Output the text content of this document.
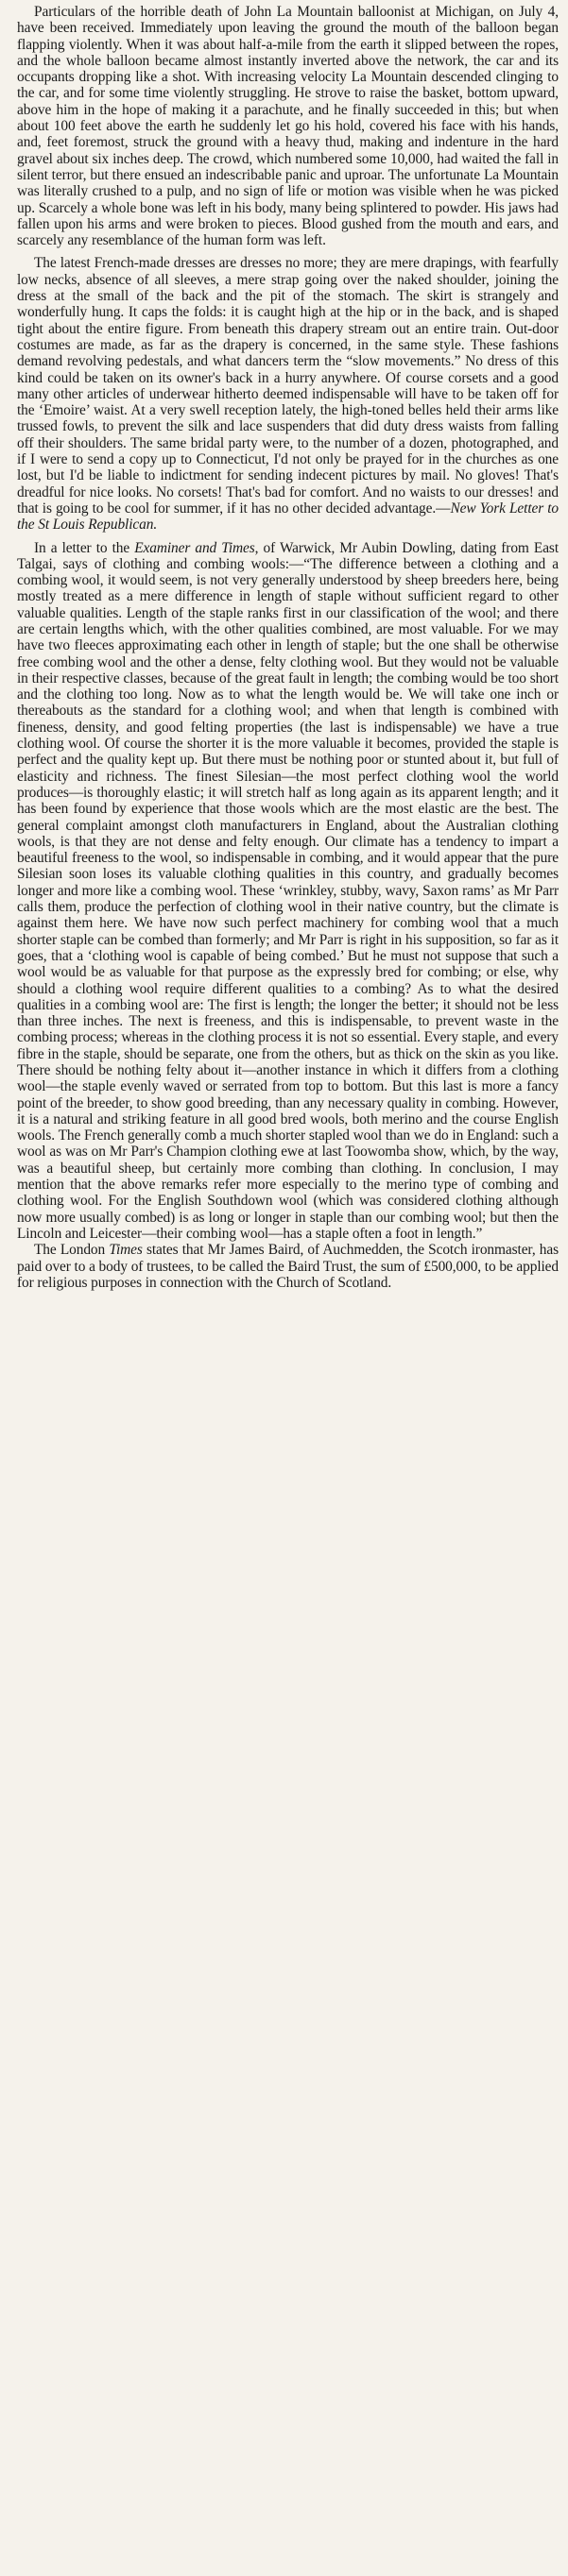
Particulars of the horrible death of John La Mountain balloonist at Michigan, on July 4, have been received. Immediately upon leaving the ground the mouth of the balloon began flapping violently. When it was about half-a-mile from the earth it slipped between the ropes, and the whole balloon became almost instantly inverted above the network, the car and its occupants dropping like a shot. With increasing velocity La Mountain descended clinging to the car, and for some time violently struggling. He strove to raise the basket, bottom upward, above him in the hope of making it a parachute, and he finally succeeded in this; but when about 100 feet above the earth he suddenly let go his hold, covered his face with his hands, and, feet foremost, struck the ground with a heavy thud, making and indenture in the hard gravel about six inches deep. The crowd, which numbered some 10,000, had waited the fall in silent terror, but there ensued an indescribable panic and uproar. The unfortunate La Mountain was literally crushed to a pulp, and no sign of life or motion was visible when he was picked up. Scarcely a whole bone was left in his body, many being splintered to powder. His jaws had fallen upon his arms and were broken to pieces. Blood gushed from the mouth and ears, and scarcely any resemblance of the human form was left.

The latest French-made dresses are dresses no more; they are mere drapings, with fearfully low necks, absence of all sleeves, a mere strap going over the naked shoulder, joining the dress at the small of the back and the pit of the stomach. The skirt is strangely and wonderfully hung. It caps the folds: it is caught high at the hip or in the back, and is shaped tight about the entire figure. From beneath this drapery stream out an entire train. Out-door costumes are made, as far as the drapery is concerned, in the same style. These fashions demand revolving pedestals, and what dancers term the “slow movements.” No dress of this kind could be taken on its owner's back in a hurry anywhere. Of course corsets and a good many other articles of underwear hitherto deemed indispensable will have to be taken off for the ‘Emoire’ waist. At a very swell reception lately, the high-toned belles held their arms like trussed fowls, to prevent the silk and lace suspenders that did duty dress waists from falling off their shoulders. The same bridal party were, to the number of a dozen, photographed, and if I were to send a copy up to Connecticut, I'd not only be prayed for in the churches as one lost, but I'd be liable to indictment for sending indecent pictures by mail. No gloves! That's dreadful for nice looks. No corsets! That's bad for comfort. And no waists to our dresses! and that is going to be cool for summer, if it has no other decided advantage.—New York Letter to the St Louis Republican.

In a letter to the Examiner and Times, of Warwick, Mr Aubin Dowling, dating from East Talgai, says of clothing and combing wools:—“The difference between a clothing and a combing wool, it would seem, is not very generally understood by sheep breeders here, being mostly treated as a mere difference in length of staple without sufficient regard to other valuable qualities. Length of the staple ranks first in our classification of the wool; and there are certain lengths which, with the other qualities combined, are most valuable. For we may have two fleeces approximating each other in length of staple; but the one shall be otherwise free combing wool and the other a dense, felty clothing wool. But they would not be valuable in their respective classes, because of the great fault in length; the combing would be too short and the clothing too long. Now as to what the length would be. We will take one inch or thereabouts as the standard for a clothing wool; and when that length is combined with fineness, density, and good felting properties (the last is indispensable) we have a true clothing wool. Of course the shorter it is the more valuable it becomes, provided the staple is perfect and the quality kept up. But there must be nothing poor or stunted about it, but full of elasticity and richness. The finest Silesian—the most perfect clothing wool the world produces—is thoroughly elastic; it will stretch half as long again as its apparent length; and it has been found by experience that those wools which are the most elastic are the best. The general complaint amongst cloth manufacturers in England, about the Australian clothing wools, is that they are not dense and felty enough. Our climate has a tendency to impart a beautiful freeness to the wool, so indispensable in combing, and it would appear that the pure Silesian soon loses its valuable clothing qualities in this country, and gradually becomes longer and more like a combing wool. These ‘wrinkley, stubby, wavy, Saxon rams’ as Mr Parr calls them, produce the perfection of clothing wool in their native country, but the climate is against them here. We have now such perfect machinery for combing wool that a much shorter staple can be combed than formerly; and Mr Parr is right in his supposition, so far as it goes, that a ‘clothing wool is capable of being combed.’ But he must not suppose that such a wool would be as valuable for that purpose as the expressly bred for combing; or else, why should a clothing wool require different qualities to a combing? As to what the desired qualities in a combing wool are: The first is length; the longer the better; it should not be less than three inches. The next is freeness, and this is indispensable, to prevent waste in the combing process; whereas in the clothing process it is not so essential. Every staple, and every fibre in the staple, should be separate, one from the others, but as thick on the skin as you like. There should be nothing felty about it—another instance in which it differs from a clothing wool—the staple evenly waved or serrated from top to bottom. But this last is more a fancy point of the breeder, to show good breeding, than any necessary quality in combing. However, it is a natural and striking feature in all good bred wools, both merino and the course English wools. The French generally comb a much shorter stapled wool than we do in England: such a wool as was on Mr Parr's Champion clothing ewe at last Toowomba show, which, by the way, was a beautiful sheep, but certainly more combing than clothing. In conclusion, I may mention that the above remarks refer more especially to the merino type of combing and clothing wool. For the English Southdown wool (which was considered clothing although now more usually combed) is as long or longer in staple than our combing wool; but then the Lincoln and Leicester—their combing wool—has a staple often a foot in length.”

The London Times states that Mr James Baird, of Auchmedden, the Scotch ironmaster, has paid over to a body of trustees, to be called the Baird Trust, the sum of £500,000, to be applied for religious purposes in connection with the Church of Scotland.
